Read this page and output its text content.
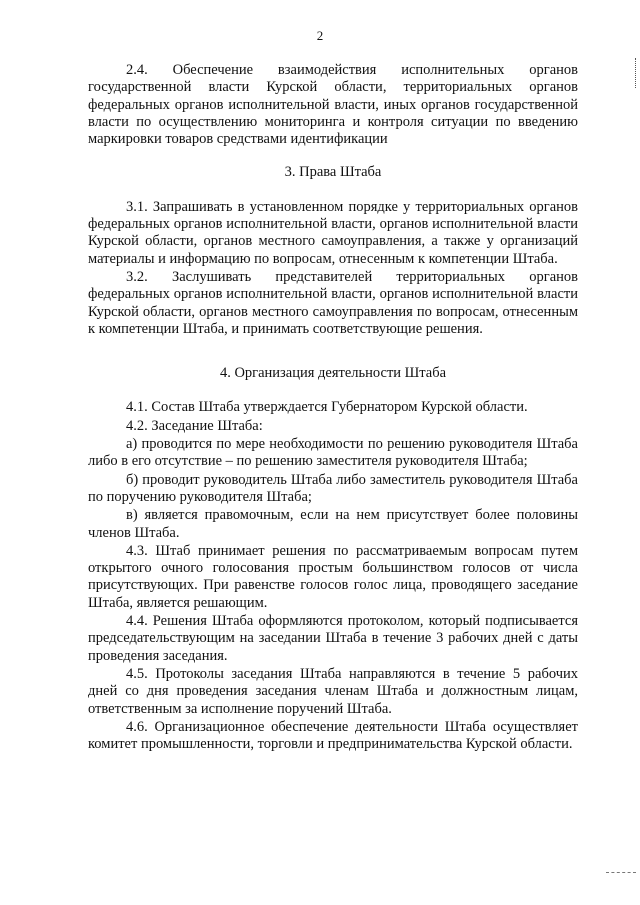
2

2.4. Обеспечение взаимодействия исполнительных органов государственной власти Курской области, территориальных органов федеральных органов исполнительной власти, иных органов государственной власти по осуществлению мониторинга и контроля ситуации по введению маркировки товаров средствами идентификации

3. Права Штаба

3.1. Запрашивать в установленном порядке у территориальных органов федеральных органов исполнительной власти, органов исполнительной власти Курской области, органов местного самоуправления, а также у организаций материалы и информацию по вопросам, отнесенным к компетенции Штаба.

3.2. Заслушивать представителей территориальных органов федеральных органов исполнительной власти, органов исполнительной власти Курской области, органов местного самоуправления по вопросам, отнесенным к компетенции Штаба, и принимать соответствующие решения.

4. Организация деятельности Штаба

4.1. Состав Штаба утверждается Губернатором Курской области.

4.2. Заседание Штаба:

а) проводится по мере необходимости по решению руководителя Штаба либо в его отсутствие – по решению заместителя руководителя Штаба;

б) проводит руководитель Штаба либо заместитель руководителя Штаба по поручению руководителя Штаба;

в) является правомочным, если на нем присутствует более половины членов Штаба.

4.3. Штаб принимает решения по рассматриваемым вопросам путем открытого очного голосования простым большинством голосов от числа присутствующих. При равенстве голосов голос лица, проводящего заседание Штаба, является решающим.

4.4. Решения Штаба оформляются протоколом, который подписывается председательствующим на заседании Штаба в течение 3 рабочих дней с даты проведения заседания.

4.5. Протоколы заседания Штаба направляются в течение 5 рабочих дней со дня проведения заседания членам Штаба и должностным лицам, ответственным за исполнение поручений Штаба.

4.6. Организационное обеспечение деятельности Штаба осуществляет комитет промышленности, торговли и предпринимательства Курской области.
